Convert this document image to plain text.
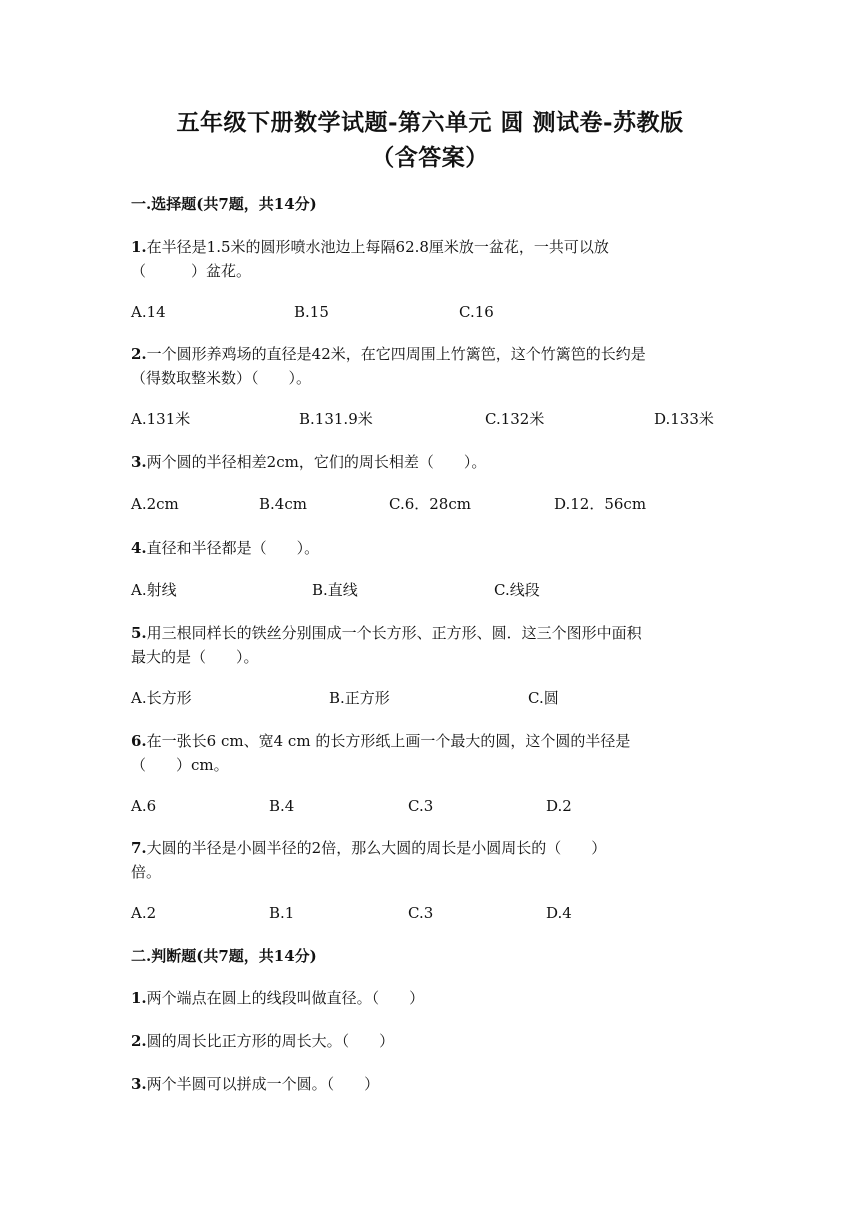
五年级下册数学试题-第六单元 圆 测试卷-苏教版
（含答案）
一.选择题(共7题，共14分)
1.在半径是1.5米的圆形喷水池边上每隔62.8厘米放一盆花，一共可以放
（　　　）盆花。
A.14	B.15	C.16
2.一个圆形养鸡场的直径是42米，在它四周围上竹篱笆，这个竹篱笆的长约是
（得数取整米数）（　　）。
A.131米	B.131.9米	C.132米	D.133米
3.两个圆的半径相差2cm，它们的周长相差（　　）。
A.2cm	B.4cm	C.6．28cm	D.12．56cm
4.直径和半径都是（　　）。
A.射线	B.直线	C.线段
5.用三根同样长的铁丝分别围成一个长方形、正方形、圆．这三个图形中面积
最大的是（　　）。
A.长方形	B.正方形	C.圆
6.在一张长6 cm、宽4 cm 的长方形纸上画一个最大的圆，这个圆的半径是
（　　）cm。
A.6	B.4	C.3	D.2
7.大圆的半径是小圆半径的2倍，那么大圆的周长是小圆周长的（　　）
倍。
A.2	B.1	C.3	D.4
二.判断题(共7题，共14分)
1.两个端点在圆上的线段叫做直径。（　　）
2.圆的周长比正方形的周长大。（　　）
3.两个半圆可以拼成一个圆。（　　）
